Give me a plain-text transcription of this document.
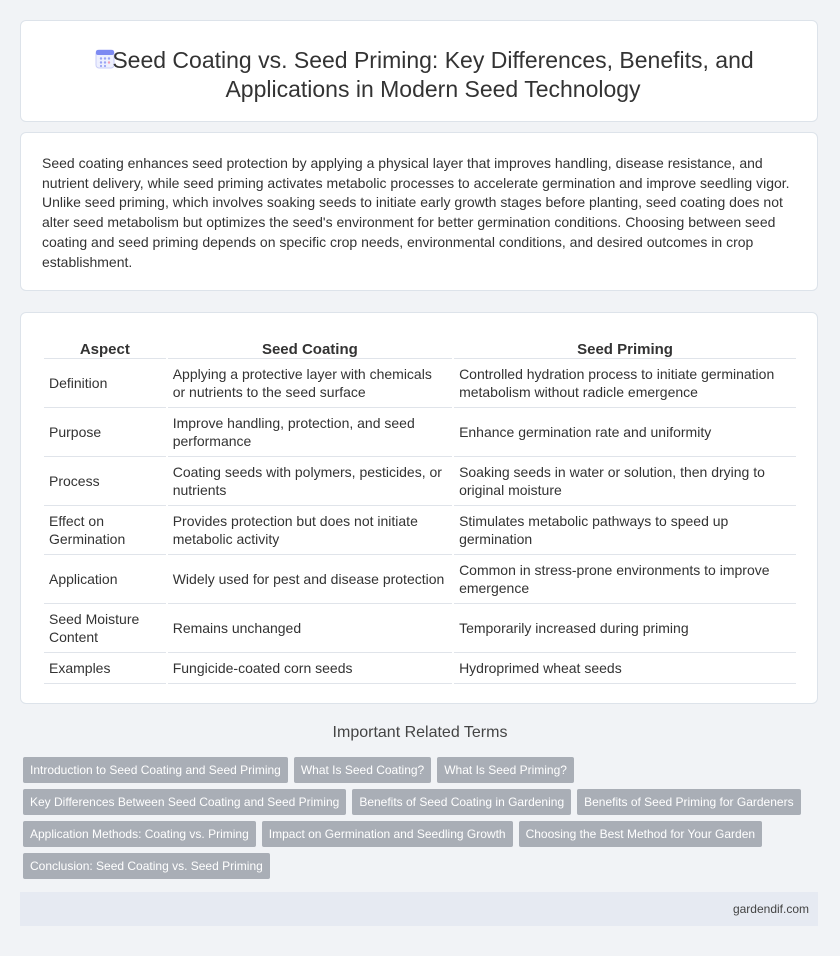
Seed Coating vs. Seed Priming: Key Differences, Benefits, and Applications in Modern Seed Technology

Seed coating enhances seed protection by applying a physical layer that improves handling, disease resistance, and nutrient delivery, while seed priming activates metabolic processes to accelerate germination and improve seedling vigor. Unlike seed priming, which involves soaking seeds to initiate early growth stages before planting, seed coating does not alter seed metabolism but optimizes the seed's environment for better germination conditions. Choosing between seed coating and seed priming depends on specific crop needs, environmental conditions, and desired outcomes in crop establishment.

Aspect	Seed Coating	Seed Priming
Definition	Applying a protective layer with chemicals or nutrients to the seed surface	Controlled hydration process to initiate germination metabolism without radicle emergence
Purpose	Improve handling, protection, and seed performance	Enhance germination rate and uniformity
Process	Coating seeds with polymers, pesticides, or nutrients	Soaking seeds in water or solution, then drying to original moisture
Effect on Germination	Provides protection but does not initiate metabolic activity	Stimulates metabolic pathways to speed up germination
Application	Widely used for pest and disease protection	Common in stress-prone environments to improve emergence
Seed Moisture Content	Remains unchanged	Temporarily increased during priming
Examples	Fungicide-coated corn seeds	Hydroprimed wheat seeds
Important Related Terms
Introduction to Seed Coating and Seed Priming	What Is Seed Coating?	What Is Seed Priming?
Key Differences Between Seed Coating and Seed Priming	Benefits of Seed Coating in Gardening	Benefits of Seed Priming for Gardeners
Application Methods: Coating vs. Priming	Impact on Germination and Seedling Growth	Choosing the Best Method for Your Garden
Conclusion: Seed Coating vs. Seed Priming
gardendif.com
